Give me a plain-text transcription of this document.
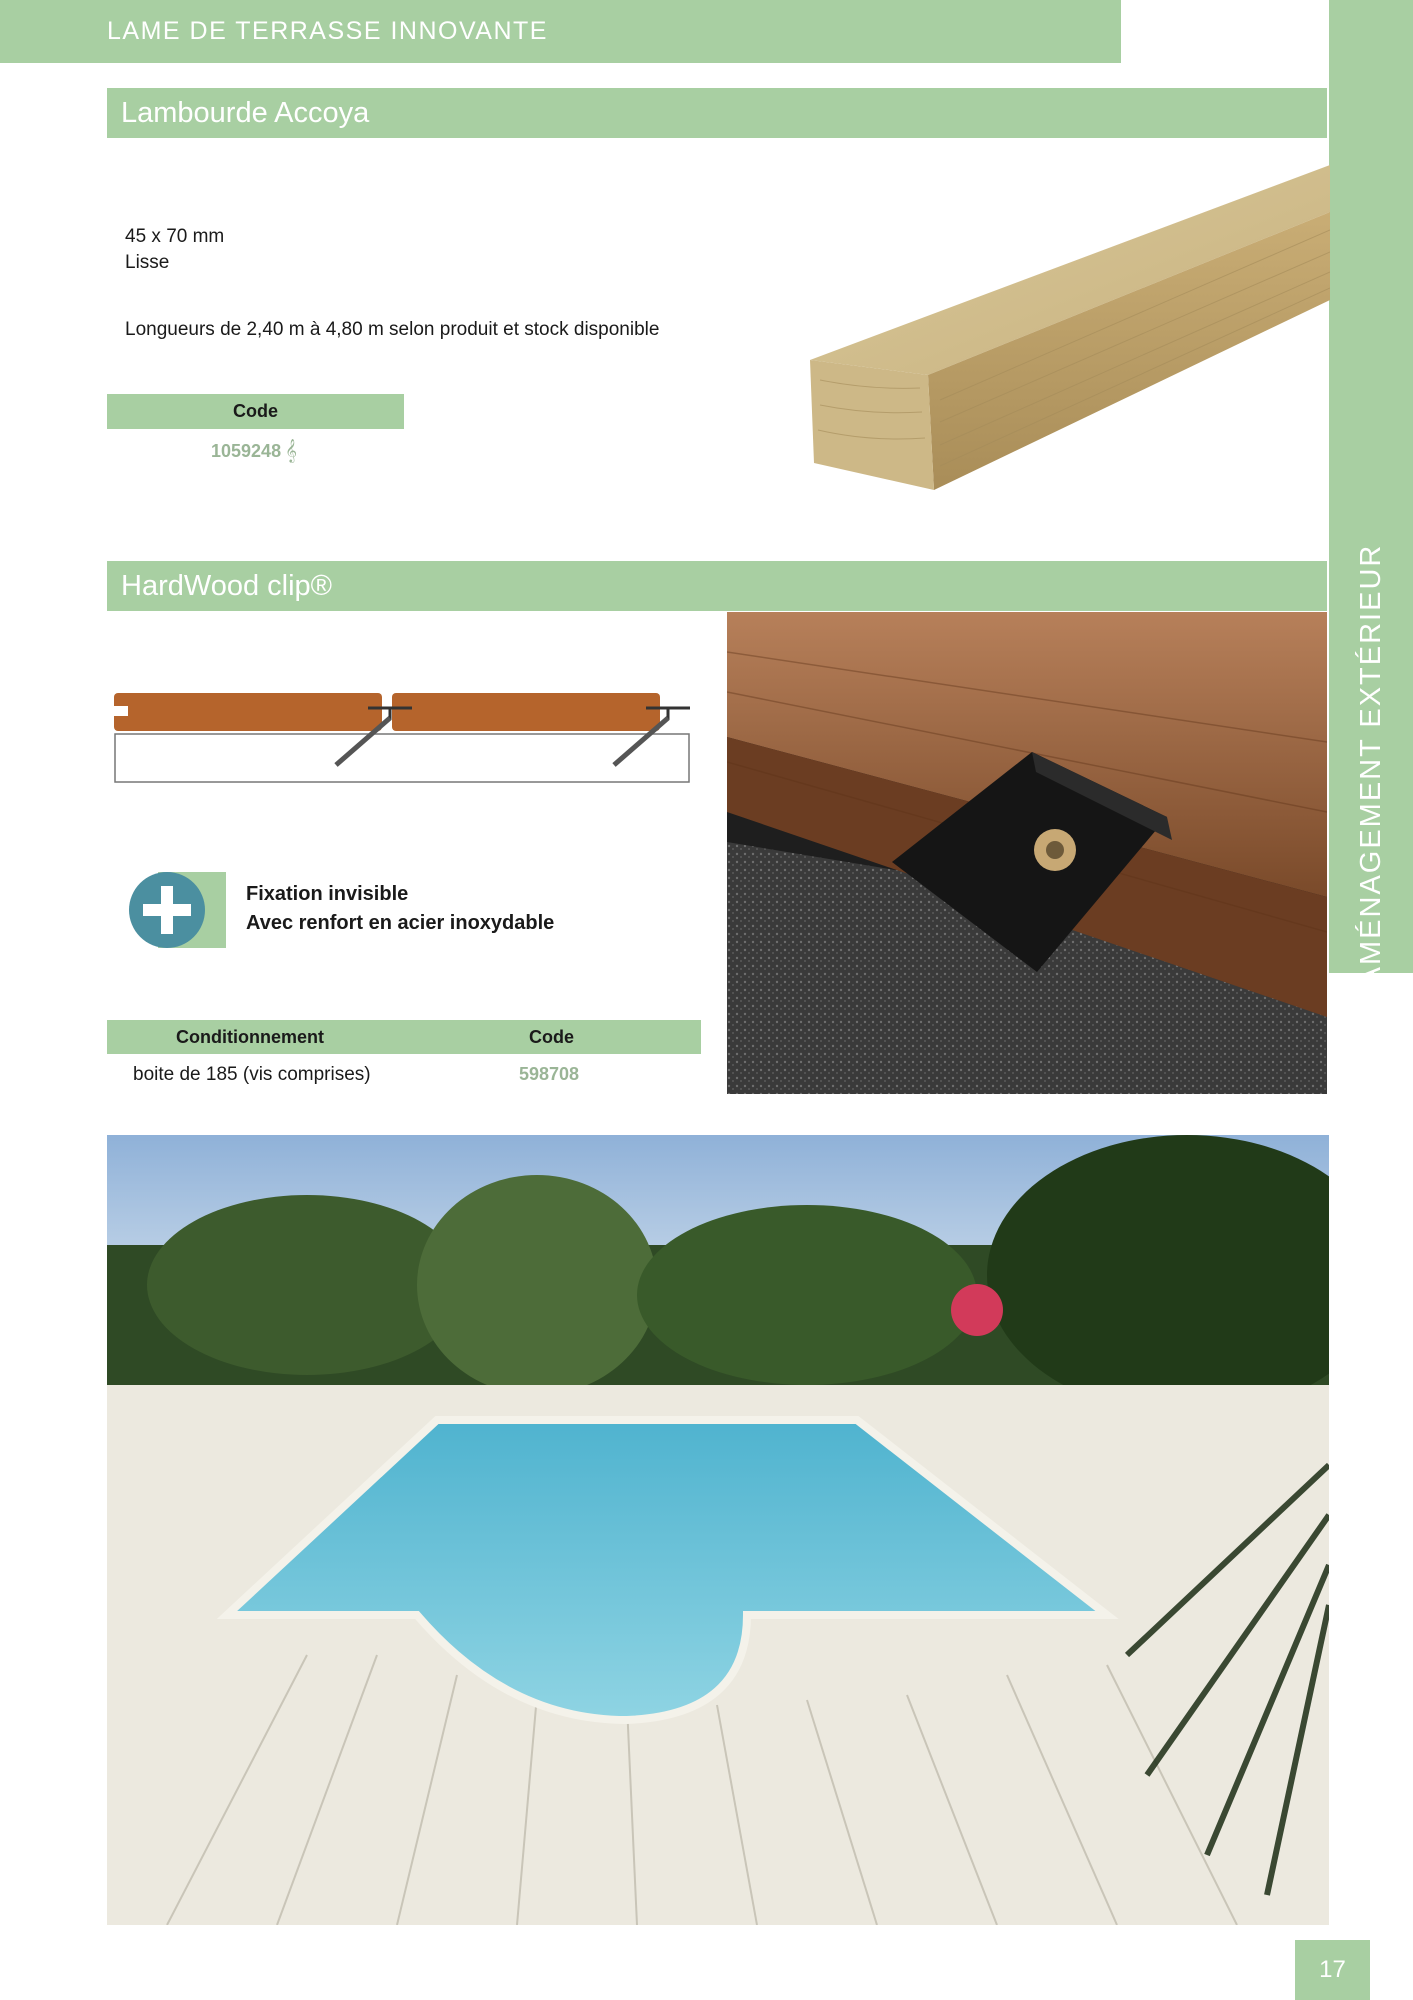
LAME DE TERRASSE INNOVANTE
AMÉNAGEMENT EXTÉRIEUR
Lambourde Accoya
45 x 70 mm
Lisse
Longueurs de 2,40 m à 4,80 m selon produit et stock disponible
Code
1059248 𝄞
HardWood clip®
Fixation invisible
Avec renfort en acier inoxydable
Conditionnement	Code
boite de 185 (vis comprises)	598708
17
